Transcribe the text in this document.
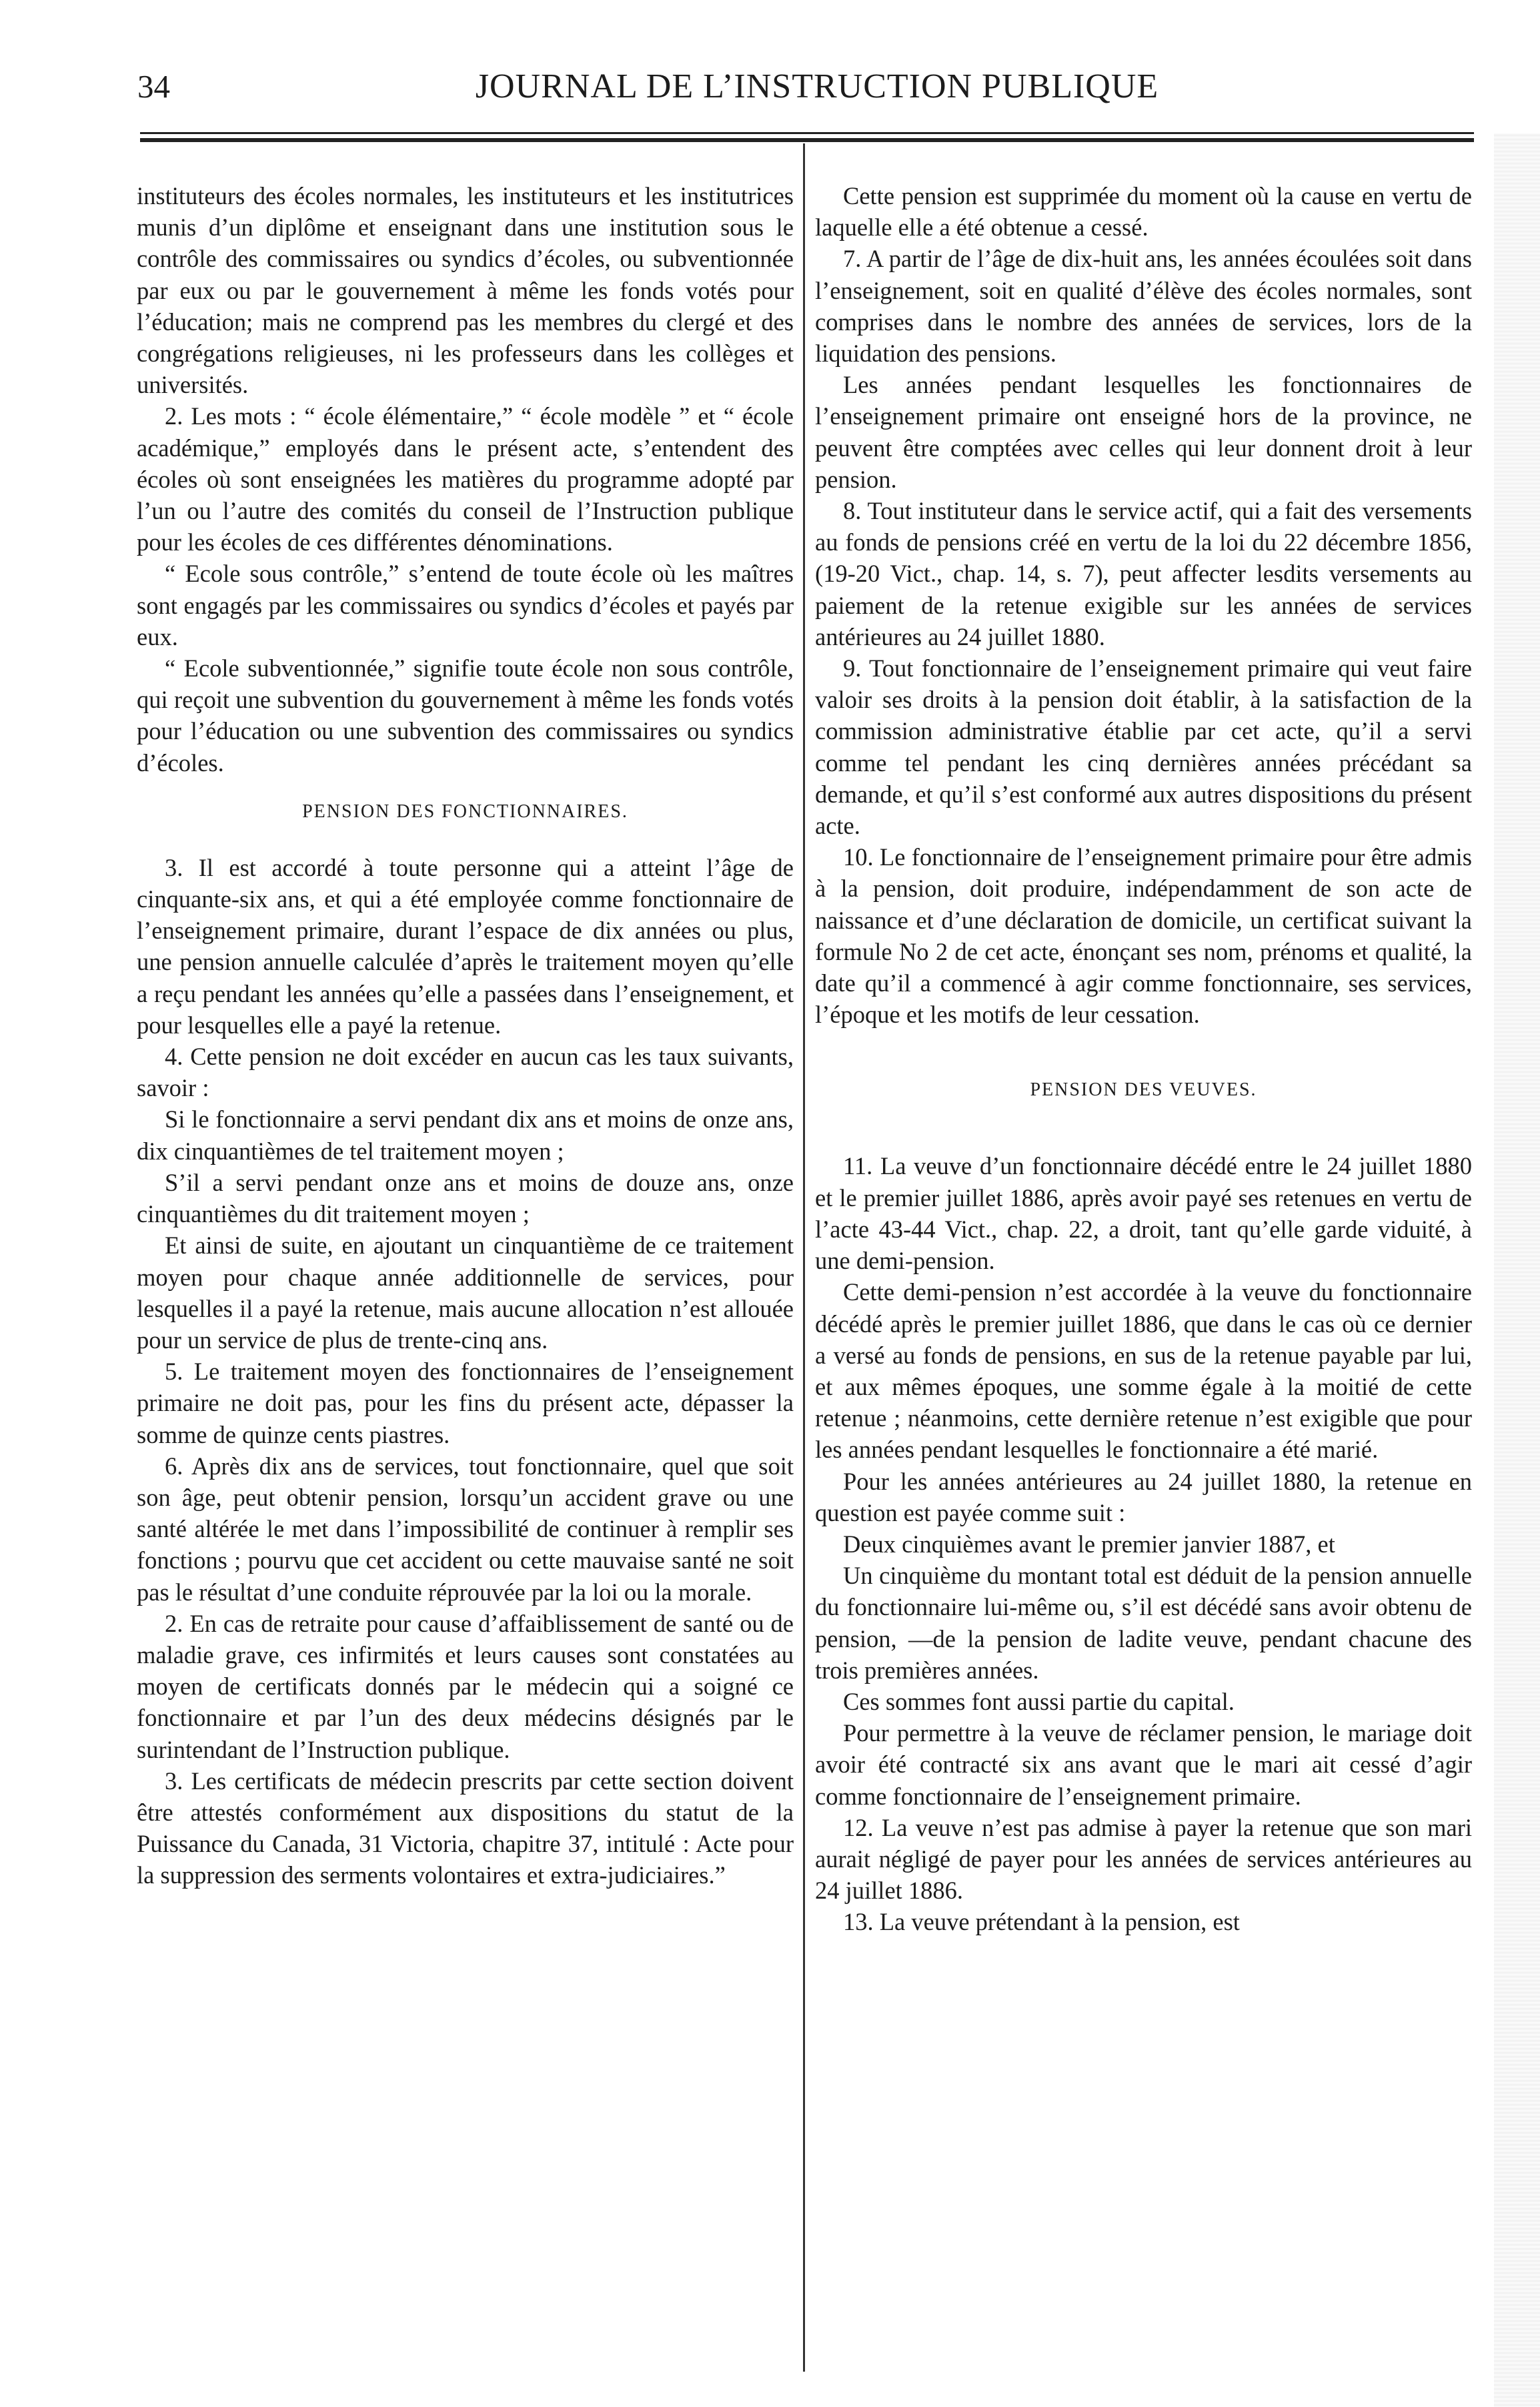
34	JOURNAL DE L’INSTRUCTION PUBLIQUE

instituteurs des écoles normales, les instituteurs et les institutrices munis d’un diplôme et enseignant dans une institution sous le contrôle des commissaires ou syndics d’écoles, ou subventionnée par eux ou par le gouvernement à même les fonds votés pour l’éducation; mais ne comprend pas les membres du clergé et des congrégations religieuses, ni les professeurs dans les collèges et universités.

2. Les mots : “ école élémentaire,” “ école modèle ” et “ école académique,” employés dans le présent acte, s’entendent des écoles où sont enseignées les matières du programme adopté par l’un ou l’autre des comités du conseil de l’Instruction publique pour les écoles de ces différentes dénominations.

“ Ecole sous contrôle,” s’entend de toute école où les maîtres sont engagés par les commissaires ou syndics d’écoles et payés par eux.

“ Ecole subventionnée,” signifie toute école non sous contrôle, qui reçoit une subvention du gouvernement à même les fonds votés pour l’éducation ou une subvention des commissaires ou syndics d’écoles.

PENSION DES FONCTIONNAIRES.

3. Il est accordé à toute personne qui a atteint l’âge de cinquante-six ans, et qui a été employée comme fonctionnaire de l’enseignement primaire, durant l’espace de dix années ou plus, une pension annuelle calculée d’après le traitement moyen qu’elle a reçu pendant les années qu’elle a passées dans l’enseignement, et pour lesquelles elle a payé la retenue.

4. Cette pension ne doit excéder en aucun cas les taux suivants, savoir :

Si le fonctionnaire a servi pendant dix ans et moins de onze ans, dix cinquantièmes de tel traitement moyen ;

S’il a servi pendant onze ans et moins de douze ans, onze cinquantièmes du dit traitement moyen ;

Et ainsi de suite, en ajoutant un cinquantième de ce traitement moyen pour chaque année additionnelle de services, pour lesquelles il a payé la retenue, mais aucune allocation n’est allouée pour un service de plus de trente-cinq ans.

5. Le traitement moyen des fonctionnaires de l’enseignement primaire ne doit pas, pour les fins du présent acte, dépasser la somme de quinze cents piastres.

6. Après dix ans de services, tout fonctionnaire, quel que soit son âge, peut obtenir pension, lorsqu’un accident grave ou une santé altérée le met dans l’impossibilité de continuer à remplir ses fonctions ; pourvu que cet accident ou cette mauvaise santé ne soit pas le résultat d’une conduite réprouvée par la loi ou la morale.

2. En cas de retraite pour cause d’affaiblissement de santé ou de maladie grave, ces infirmités et leurs causes sont constatées au moyen de certificats donnés par le médecin qui a soigné ce fonctionnaire et par l’un des deux médecins désignés par le surintendant de l’Instruction publique.

3. Les certificats de médecin prescrits par cette section doivent être attestés conformément aux dispositions du statut de la Puissance du Canada, 31 Victoria, chapitre 37, intitulé : Acte pour la suppression des serments volontaires et extra-judiciaires.”

Cette pension est supprimée du moment où la cause en vertu de laquelle elle a été obtenue a cessé.

7. A partir de l’âge de dix-huit ans, les années écoulées soit dans l’enseignement, soit en qualité d’élève des écoles normales, sont comprises dans le nombre des années de services, lors de la liquidation des pensions.

Les années pendant lesquelles les fonctionnaires de l’enseignement primaire ont enseigné hors de la province, ne peuvent être comptées avec celles qui leur donnent droit à leur pension.

8. Tout instituteur dans le service actif, qui a fait des versements au fonds de pensions créé en vertu de la loi du 22 décembre 1856, (19-20 Vict., chap. 14, s. 7), peut affecter lesdits versements au paiement de la retenue exigible sur les années de services antérieures au 24 juillet 1880.

9. Tout fonctionnaire de l’enseignement primaire qui veut faire valoir ses droits à la pension doit établir, à la satisfaction de la commission administrative établie par cet acte, qu’il a servi comme tel pendant les cinq dernières années précédant sa demande, et qu’il s’est conformé aux autres dispositions du présent acte.

10. Le fonctionnaire de l’enseignement primaire pour être admis à la pension, doit produire, indépendamment de son acte de naissance et d’une déclaration de domicile, un certificat suivant la formule No 2 de cet acte, énonçant ses nom, prénoms et qualité, la date qu’il a commencé à agir comme fonctionnaire, ses services, l’époque et les motifs de leur cessation.

PENSION DES VEUVES.

11. La veuve d’un fonctionnaire décédé entre le 24 juillet 1880 et le premier juillet 1886, après avoir payé ses retenues en vertu de l’acte 43-44 Vict., chap. 22, a droit, tant qu’elle garde viduité, à une demi-pension.

Cette demi-pension n’est accordée à la veuve du fonctionnaire décédé après le premier juillet 1886, que dans le cas où ce dernier a versé au fonds de pensions, en sus de la retenue payable par lui, et aux mêmes époques, une somme égale à la moitié de cette retenue ; néanmoins, cette dernière retenue n’est exigible que pour les années pendant lesquelles le fonctionnaire a été marié.

Pour les années antérieures au 24 juillet 1880, la retenue en question est payée comme suit :

Deux cinquièmes avant le premier janvier 1887, et

Un cinquième du montant total est déduit de la pension annuelle du fonctionnaire lui-même ou, s’il est décédé sans avoir obtenu de pension, —de la pension de ladite veuve, pendant chacune des trois premières années.

Ces sommes font aussi partie du capital.

Pour permettre à la veuve de réclamer pension, le mariage doit avoir été contracté six ans avant que le mari ait cessé d’agir comme fonctionnaire de l’enseignement primaire.

12. La veuve n’est pas admise à payer la retenue que son mari aurait négligé de payer pour les années de services antérieures au 24 juillet 1886.

13. La veuve prétendant à la pension, est
